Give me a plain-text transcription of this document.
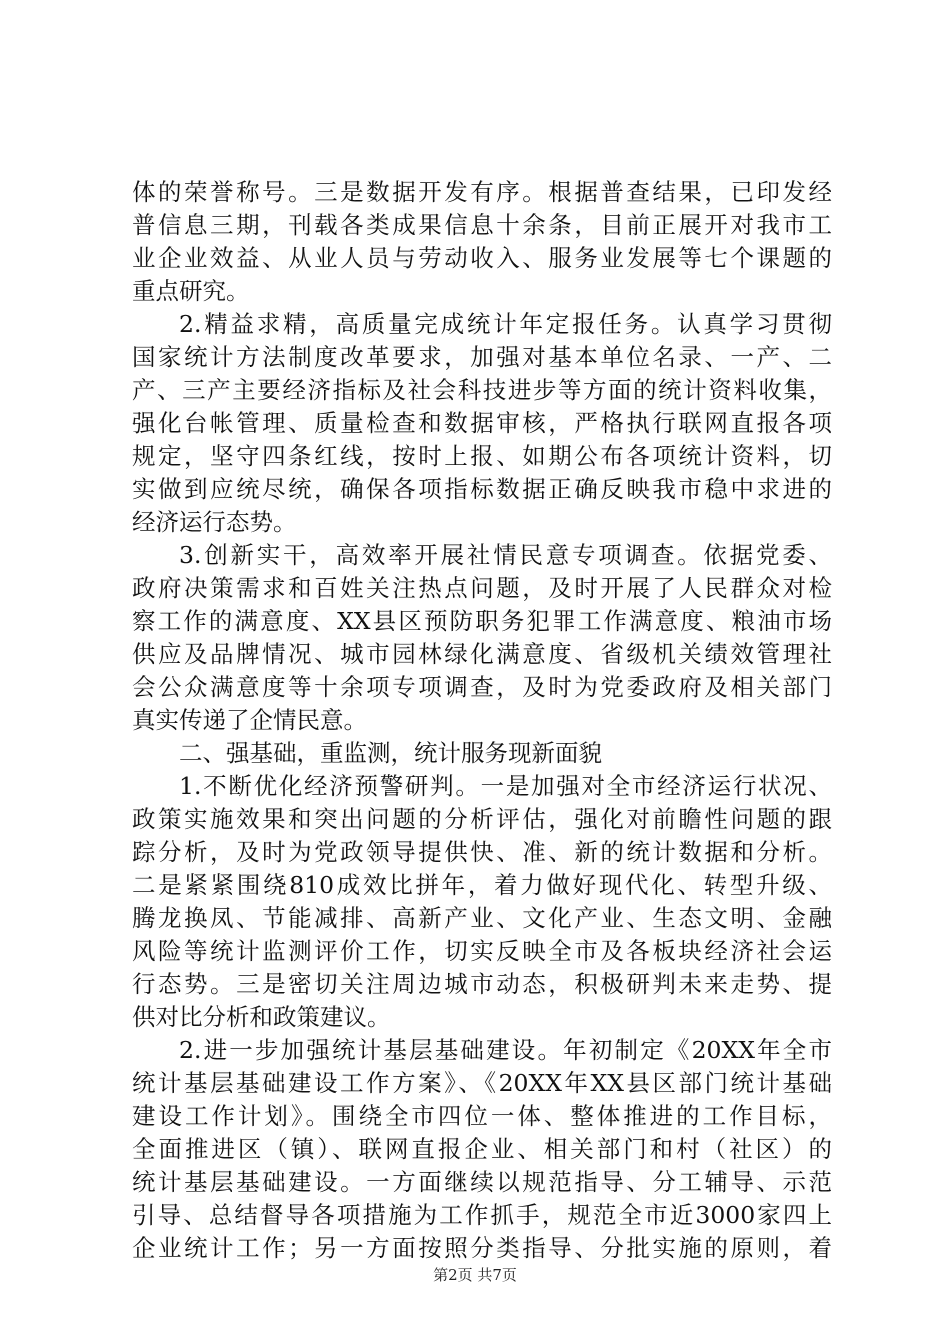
体的荣誉称号。三是数据开发有序。根据普查结果，已印发经
普信息三期，刊载各类成果信息十余条，目前正展开对我市工
业企业效益、从业人员与劳动收入、服务业发展等七个课题的
重点研究。
2.精益求精，高质量完成统计年定报任务。认真学习贯彻
国家统计方法制度改革要求，加强对基本单位名录、一产、二
产、三产主要经济指标及社会科技进步等方面的统计资料收集，
强化台帐管理、质量检查和数据审核，严格执行联网直报各项
规定，坚守四条红线，按时上报、如期公布各项统计资料，切
实做到应统尽统，确保各项指标数据正确反映我市稳中求进的
经济运行态势。
3.创新实干，高效率开展社情民意专项调查。依据党委、
政府决策需求和百姓关注热点问题，及时开展了人民群众对检
察工作的满意度、XX县区预防职务犯罪工作满意度、粮油市场
供应及品牌情况、城市园林绿化满意度、省级机关绩效管理社
会公众满意度等十余项专项调查，及时为党委政府及相关部门
真实传递了企情民意。
二、强基础，重监测，统计服务现新面貌
1.不断优化经济预警研判。一是加强对全市经济运行状况、
政策实施效果和突出问题的分析评估，强化对前瞻性问题的跟
踪分析，及时为党政领导提供快、准、新的统计数据和分析。
二是紧紧围绕810成效比拼年，着力做好现代化、转型升级、
腾龙换凤、节能减排、高新产业、文化产业、生态文明、金融
风险等统计监测评价工作，切实反映全市及各板块经济社会运
行态势。三是密切关注周边城市动态，积极研判未来走势、提
供对比分析和政策建议。
2.进一步加强统计基层基础建设。年初制定《20XX年全市
统计基层基础建设工作方案》、《20XX年XX县区部门统计基础
建设工作计划》。围绕全市四位一体、整体推进的工作目标，
全面推进区（镇）、联网直报企业、相关部门和村（社区）的
统计基层基础建设。一方面继续以规范指导、分工辅导、示范
引导、总结督导各项措施为工作抓手，规范全市近3000家四上
企业统计工作；另一方面按照分类指导、分批实施的原则，着
第2页 共7页
